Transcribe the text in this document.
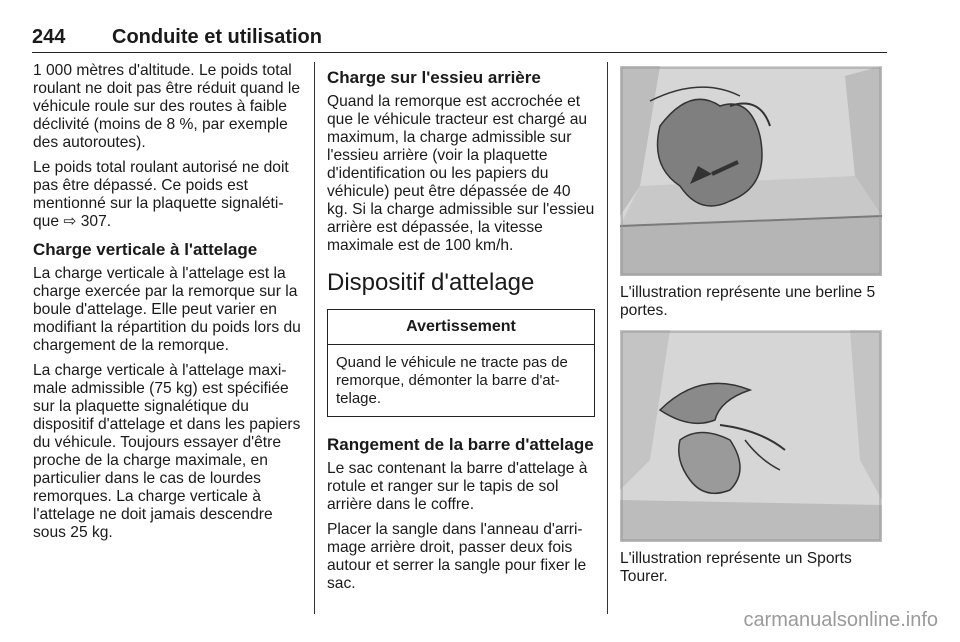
244 Conduite et utilisation

1 000 mètres d'altitude. Le poids total roulant ne doit pas être réduit quand le véhicule roule sur des routes à faible déclivité (moins de 8 %, par exemple des autoroutes).

Le poids total roulant autorisé ne doit pas être dépassé. Ce poids est mentionné sur la plaquette signaléti-que ⇨ 307.

Charge verticale à l'attelage

La charge verticale à l'attelage est la charge exercée par la remorque sur la boule d'attelage. Elle peut varier en modifiant la répartition du poids lors du chargement de la remorque.

La charge verticale à l'attelage maxi-male admissible (75 kg) est spécifiée sur la plaquette signalétique du dispositif d'attelage et dans les papiers du véhicule. Toujours essayer d'être proche de la charge maximale, en particulier dans le cas de lourdes remorques. La charge verticale à l'attelage ne doit jamais descendre sous 25 kg.

Charge sur l'essieu arrière

Quand la remorque est accrochée et que le véhicule tracteur est chargé au maximum, la charge admissible sur l'essieu arrière (voir la plaquette d'identification ou les papiers du véhicule) peut être dépassée de 40 kg. Si la charge admissible sur l'essieu arrière est dépassée, la vitesse maximale est de 100 km/h.

Dispositif d'attelage
Avertissement
Quand le véhicule ne tracte pas de remorque, démonter la barre d'at-telage.
Rangement de la barre d'attelage

Le sac contenant la barre d'attelage à rotule et ranger sur le tapis de sol arrière dans le coffre.

Placer la sangle dans l'anneau d'arri-mage arrière droit, passer deux fois autour et serrer la sangle pour fixer le sac.

L'illustration représente une berline 5 portes.

L'illustration représente un Sports Tourer.

carmanualsonline.info
